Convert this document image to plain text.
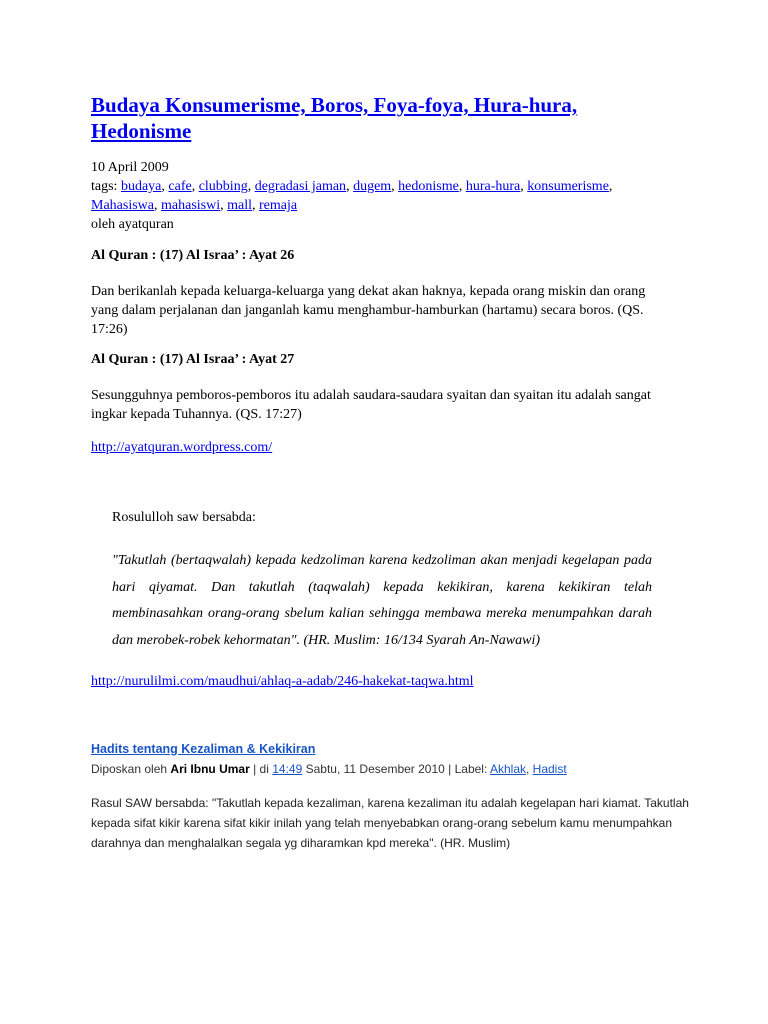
Budaya Konsumerisme, Boros, Foya-foya, Hura-hura, Hedonisme
10 April 2009
tags: budaya, cafe, clubbing, degradasi jaman, dugem, hedonisme, hura-hura, konsumerisme,
Mahasiswa, mahasiswi, mall, remaja
oleh ayatquran

Al Quran : (17) Al Israa’ : Ayat 26

Dan berikanlah kepada keluarga-keluarga yang dekat akan haknya, kepada orang miskin dan orang yang dalam perjalanan dan janganlah kamu menghambur-hamburkan (hartamu) secara boros. (QS. 17:26)

Al Quran : (17) Al Israa’ : Ayat 27

Sesungguhnya pemboros-pemboros itu adalah saudara-saudara syaitan dan syaitan itu adalah sangat ingkar kepada Tuhannya. (QS. 17:27)

http://ayatquran.wordpress.com/

Rosululloh saw bersabda:

"Takutlah (bertaqwalah) kepada kedzoliman karena kedzoliman akan menjadi kegelapan pada hari qiyamat. Dan takutlah (taqwalah) kepada kekikiran, karena kekikiran telah membinasahkan orang-orang sbelum kalian sehingga membawa mereka menumpahkan darah dan merobek-robek kehormatan". (HR. Muslim: 16/134 Syarah An-Nawawi)

http://nurulilmi.com/maudhui/ahlaq-a-adab/246-hakekat-taqwa.html

Hadits tentang Kezaliman & Kekikiran

Diposkan oleh Ari Ibnu Umar | di 14:49 Sabtu, 11 Desember 2010 | Label: Akhlak, Hadist

Rasul SAW bersabda: "Takutlah kepada kezaliman, karena kezaliman itu adalah kegelapan hari kiamat. Takutlah kepada sifat kikir karena sifat kikir inilah yang telah menyebabkan orang-orang sebelum kamu menumpahkan darahnya dan menghalalkan segala yg diharamkan kpd mereka". (HR. Muslim)
